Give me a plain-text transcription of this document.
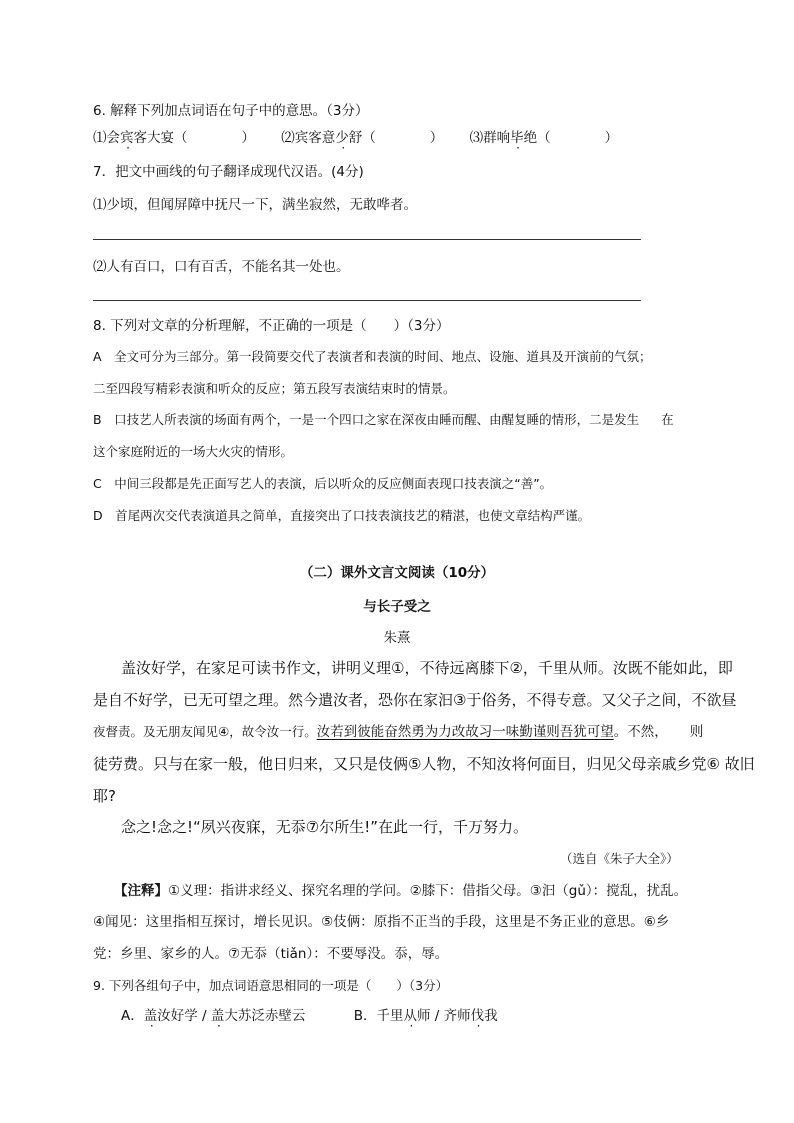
6. 解释下列加点词语在句子中的意思。（3分）
⑴会宾客大宴（	） ⑵宾客意少舒（	） ⑶群响毕绝（	）
7．把文中画线的句子翻译成现代汉语。(4分)
⑴少顷，但闻屏障中抚尺一下，满坐寂然，无敢哗者。
⑵人有百口，口有百舌，不能名其一处也。
8. 下列对文章的分析理解，不正确的一项是（　　）（3分）
A　全文可分为三部分。第一段简要交代了表演者和表演的时间、地点、设施、道具及开演前的气氛；
二至四段写精彩表演和听众的反应；第五段写表演结束时的情景。
B　口技艺人所表演的场面有两个，一是一个四口之家在深夜由睡而醒、由醒复睡的情形，二是发生 在
这个家庭附近的一场大火灾的情形。
C　中间三段都是先正面写艺人的表演，后以听众的反应侧面表现口技表演之“善”。
D　首尾两次交代表演道具之简单，直接突出了口技表演技艺的精湛，也使文章结构严谨。
（二）课外文言文阅读（10分）
与长子受之
朱熹
盖汝好学，在家足可读书作文，讲明义理①，不待远离膝下②，千里从师。汝既不能如此，即
是自不好学，已无可望之理。然今遣汝者，恐你在家汩③于俗务，不得专意。又父子之间，不欲昼
夜督责。及无朋友闻见④，故令汝一行。汝若到彼能奋然勇为力改故习一味勤谨则吾犹可望。不然， 则
徒劳费。只与在家一般，他日归来，又只是伎俩⑤人物，不知汝将何面目，归见父母亲戚乡党⑥ 故旧
耶?
念之!念之!“夙兴夜寐，无忝⑦尔所生!”在此一行，千万努力。
（选自《朱子大全》）
【注释】①义理：指讲求经义、探究名理的学问。②膝下：借指父母。③汩（gǔ）：搅乱，扰乱。
④闻见：这里指相互探讨，增长见识。⑤伎俩：原指不正当的手段，这里是不务正业的意思。⑥乡
党：乡里、家乡的人。⑦无忝（tiǎn）：不要辱没。忝，辱。
9. 下列各组句子中，加点词语意思相同的一项是（　　）（3分）
A．盖汝好学 / 盖大苏泛赤壁云	B．千里从师 / 齐师伐我
